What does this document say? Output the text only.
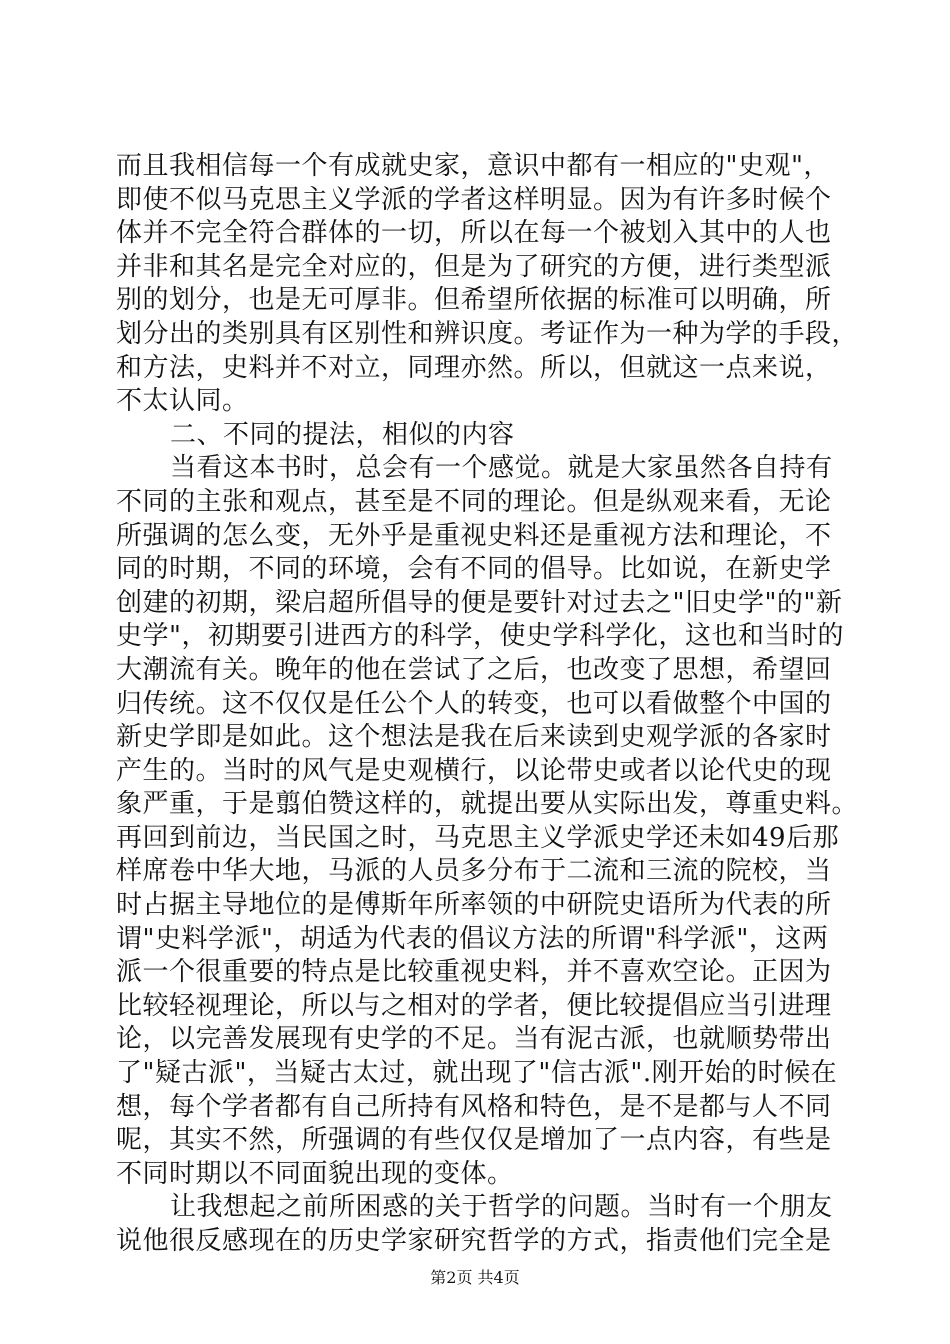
而且我相信每一个有成就史家，意识中都有一相应的"史观"，
即使不似马克思主义学派的学者这样明显。因为有许多时候个
体并不完全符合群体的一切，所以在每一个被划入其中的人也
并非和其名是完全对应的，但是为了研究的方便，进行类型派
别的划分，也是无可厚非。但希望所依据的标准可以明确，所
划分出的类别具有区别性和辨识度。考证作为一种为学的手段，
和方法，史料并不对立，同理亦然。所以，但就这一点来说，
不太认同。
二、不同的提法，相似的内容
当看这本书时，总会有一个感觉。就是大家虽然各自持有
不同的主张和观点，甚至是不同的理论。但是纵观来看，无论
所强调的怎么变，无外乎是重视史料还是重视方法和理论，不
同的时期，不同的环境，会有不同的倡导。比如说，在新史学
创建的初期，梁启超所倡导的便是要针对过去之"旧史学"的"新
史学"，初期要引进西方的科学，使史学科学化，这也和当时的
大潮流有关。晚年的他在尝试了之后，也改变了思想，希望回
归传统。这不仅仅是任公个人的转变，也可以看做整个中国的
新史学即是如此。这个想法是我在后来读到史观学派的各家时
产生的。当时的风气是史观横行，以论带史或者以论代史的现
象严重，于是翦伯赞这样的，就提出要从实际出发，尊重史料。
再回到前边，当民国之时，马克思主义学派史学还未如49后那
样席卷中华大地，马派的人员多分布于二流和三流的院校，当
时占据主导地位的是傅斯年所率领的中研院史语所为代表的所
谓"史料学派"，胡适为代表的倡议方法的所谓"科学派"，这两
派一个很重要的特点是比较重视史料，并不喜欢空论。正因为
比较轻视理论，所以与之相对的学者，便比较提倡应当引进理
论，以完善发展现有史学的不足。当有泥古派，也就顺势带出
了"疑古派"，当疑古太过，就出现了"信古派".刚开始的时候在
想，每个学者都有自己所持有风格和特色，是不是都与人不同
呢，其实不然，所强调的有些仅仅是增加了一点内容，有些是
不同时期以不同面貌出现的变体。
让我想起之前所困惑的关于哲学的问题。当时有一个朋友
说他很反感现在的历史学家研究哲学的方式，指责他们完全是
第2页 共4页
